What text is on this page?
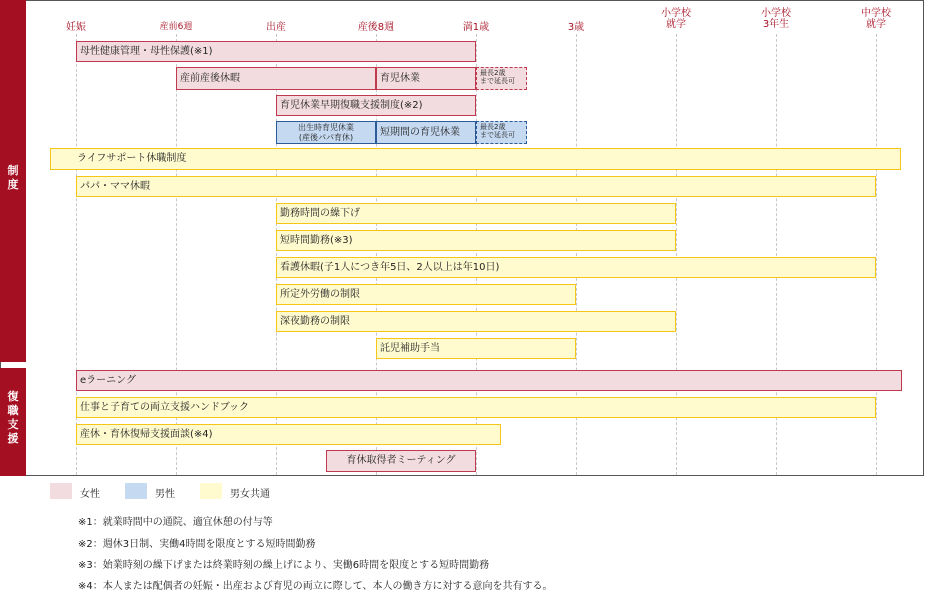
制
度
復
職
支
援
妊娠	産前6週	出産	産後8週	満1歳	3歳
小学校
就学
小学校
3年生
中学校
就学
母性健康管理・母性保護(※1)
産前産後休暇	育児休業	最長2歳
まで延長可
育児休業早期復職支援制度(※2)
出生時育児休業
(産後パパ育休)	短期間の育児休業	最長2歳
まで延長可
ライフサポート休職制度
パパ・ママ休暇
勤務時間の繰下げ
短時間勤務(※3)
看護休暇(子1人につき年5日、2人以上は年10日)
所定外労働の制限
深夜勤務の制限
託児補助手当
eラーニング
仕事と子育ての両立支援ハンドブック
産休・育休復帰支援面談(※4)
育休取得者ミーティング
女性	男性	男女共通
※1：就業時間中の通院、適宜休憩の付与等
※2：週休3日制、実働4時間を限度とする短時間勤務
※3：始業時刻の繰下げまたは終業時刻の繰上げにより、実働6時間を限度とする短時間勤務
※4：本人または配偶者の妊娠・出産および育児の両立に際して、本人の働き方に対する意向を共有する。
